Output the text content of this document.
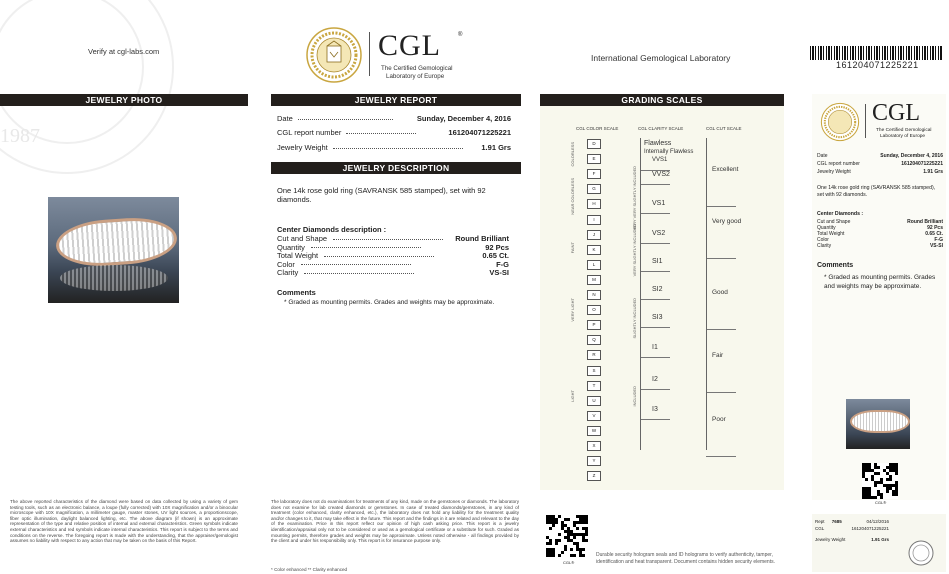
1987
Verify at cgl-labs.com	CGL	®
The Certified Gemological
Laboratory of Europe
International Gemological Laboratory
161204071225221
JEWELRY PHOTO	JEWELRY REPORT
JEWELRY DESCRIPTION
GRADING SCALES
Date	Sunday, December 4, 2016
CGL report number	161204071225221
Jewelry Weight	1.91 Grs
One 14k rose gold ring (SAVRANSK 585 stamped), set with 92 diamonds.
Center Diamonds description :
Cut and Shape	Round Brilliant
Quantity	92 Pcs
Total Weight	0.65 Ct.
Color	F-G
Clarity	VS-SI
Comments
* Graded as mounting permits. Grades and weights may be approximate.
CGL COLOR SCALE	CGL CLARITY SCALE	CGL CUT SCALE
D
E
F
G
H
I
J
K
L
M
N
O
P
Q
R
S
T
U
V
W
X
Y
Z
Flawless
Internally Flawless
VVS1
VVS2
VS1
VS2
SI1
SI2
SI3
I1
I2
I3
Excellent
Very good
Good
Fair
Poor
COLORLESS
NEAR COLORLESS
FAINT
VERY LIGHT
LIGHT
VERY VERY SLIGHTLY INCLUDED
VERY SLIGHTLY INCLUDED
SLIGHTLY INCLUDED
INCLUDED
CGL
The Certified Gemological
Laboratory of Europe
Date	Sunday, December 4, 2016
CGL report number	161204071225221
Jewelry Weight	1.91 Grs
One 14k rose gold ring (SAVRANSK 585 stamped), set with 92 diamonds.
Center Diamonds :
Cut and Shape	Round Brilliant
Quantity	92 Pcs
Total Weight	0.65 Ct.
Color	F-G
Clarity	VS-SI
Comments
* Graded as mounting permits. Grades and weights may be approximate.
CGL®
Rept 7685	04/12/2016
CGL	161204071225221
Jewelry Weight	1.91 Grs
The above reported characteristics of the diamond were based on data collected by using a variety of gem testing tools, such as an electronic balance, a loupe (fully corrected) with 10X magnification and/or a binocular microscope with 10X magnification, a millimeter gauge, master stones, UV light sources, a proportionscope, fiber optic illumination, daylight balanced lighting, etc. The above diagram (if shown) is an approximate representation of the type and relative position of internal and external characteristics. Green symbols indicate external characteristics and red symbols indicate internal characteristics. This report is subject to the terms and conditions on the reverse. The foregoing report is made with the understanding, that the appraiser/gemologist assumes no liability with respect to any action that may be taken on the basis of this Report.
The laboratory does not do examinations for treatments of any kind, made on the gemstones or diamonds. The laboratory does not examine for lab created diamonds or gemstones. In case of treated diamonds/gemstones, in any kind of treatment (color enhanced, clarity enhanced, etc.), the laboratory does not hold any liability for the treatment quality and/or changes to it, that may take effect in the future. This report and the findings in it are related and relevant to the day of the examination. Price in this report reflect our opinion of high cash asking price. This report is a jewelry identification/appraisal only not to be considered or used as a gemological certificate or a substitute for such. Graded as mounting permits, therefore grades and weights may be approximate. Unless noted otherwise - all findings provided by the client and under his responsibility only. This report is for insurance purpose only.
* Color enhanced ** Clarity enhanced
CGL®
Durable security hologram seals and ID holograms to verify authenticity, tamper, identification and heat transparent. Document contains hidden security elements.
